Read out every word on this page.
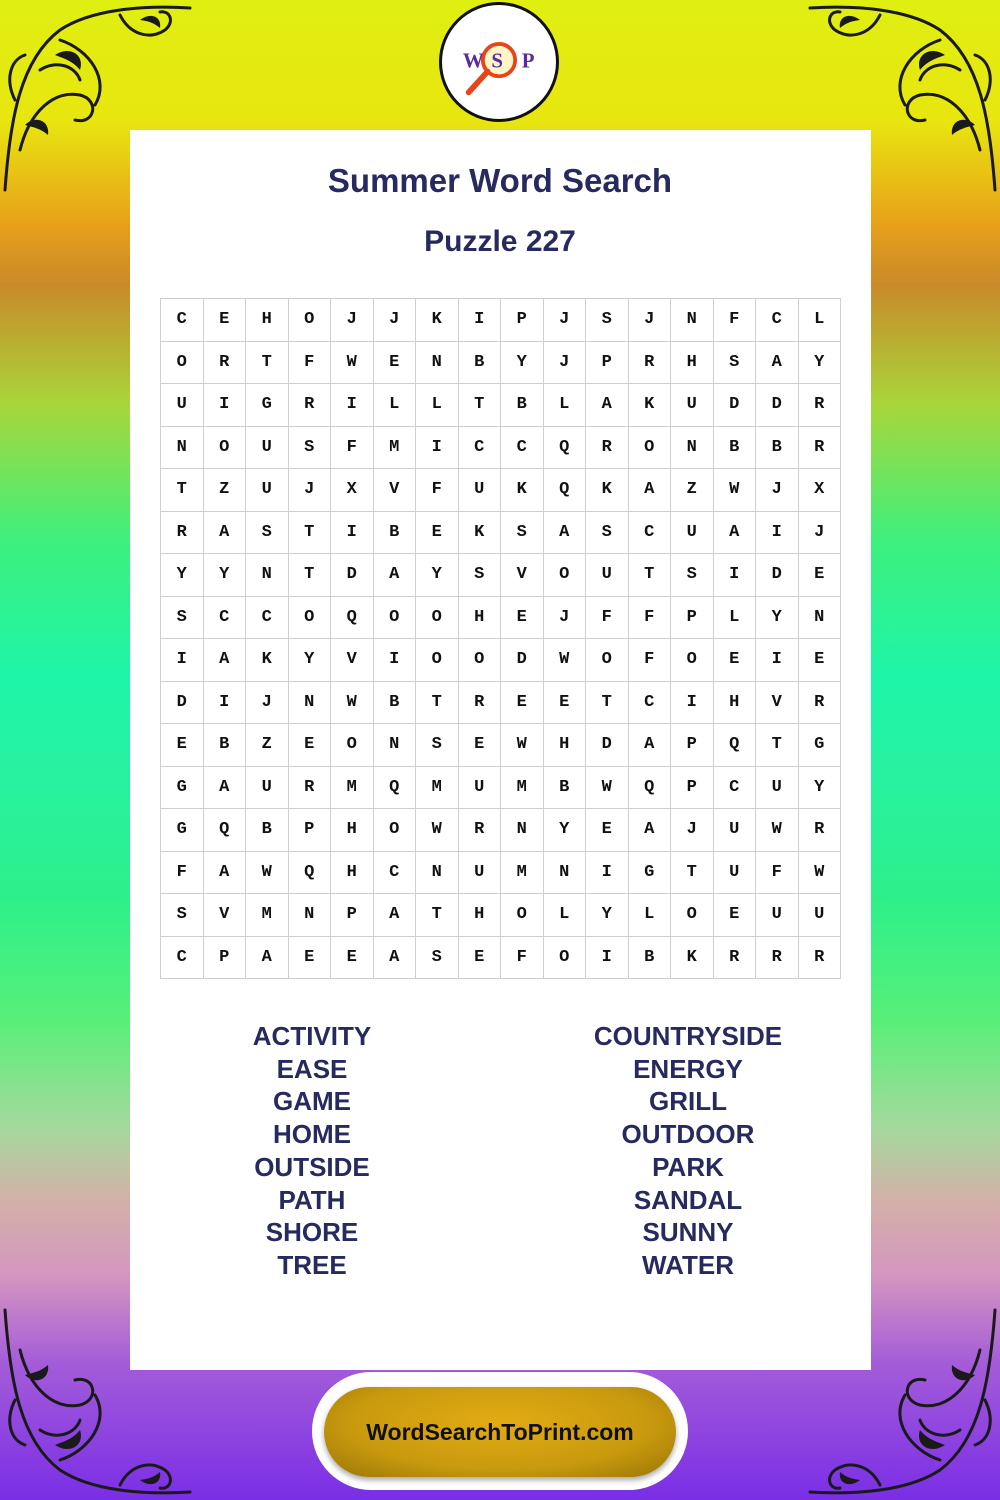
W S P
Summer Word Search
Puzzle 227
C	E	H	O	J	J	K	I	P	J	S	J	N	F	C	L
O	R	T	F	W	E	N	B	Y	J	P	R	H	S	A	Y
U	I	G	R	I	L	L	T	B	L	A	K	U	D	D	R
N	O	U	S	F	M	I	C	C	Q	R	O	N	B	B	R
T	Z	U	J	X	V	F	U	K	Q	K	A	Z	W	J	X
R	A	S	T	I	B	E	K	S	A	S	C	U	A	I	J
Y	Y	N	T	D	A	Y	S	V	O	U	T	S	I	D	E
S	C	C	O	Q	O	O	H	E	J	F	F	P	L	Y	N
I	A	K	Y	V	I	O	O	D	W	O	F	O	E	I	E
D	I	J	N	W	B	T	R	E	E	T	C	I	H	V	R
E	B	Z	E	O	N	S	E	W	H	D	A	P	Q	T	G
G	A	U	R	M	Q	M	U	M	B	W	Q	P	C	U	Y
G	Q	B	P	H	O	W	R	N	Y	E	A	J	U	W	R
F	A	W	Q	H	C	N	U	M	N	I	G	T	U	F	W
S	V	M	N	P	A	T	H	O	L	Y	L	O	E	U	U
C	P	A	E	E	A	S	E	F	O	I	B	K	R	R	R
ACTIVITY
EASE
GAME
HOME
OUTSIDE
PATH
SHORE
TREE
COUNTRYSIDE
ENERGY
GRILL
OUTDOOR
PARK
SANDAL
SUNNY
WATER
WordSearchToPrint.com
